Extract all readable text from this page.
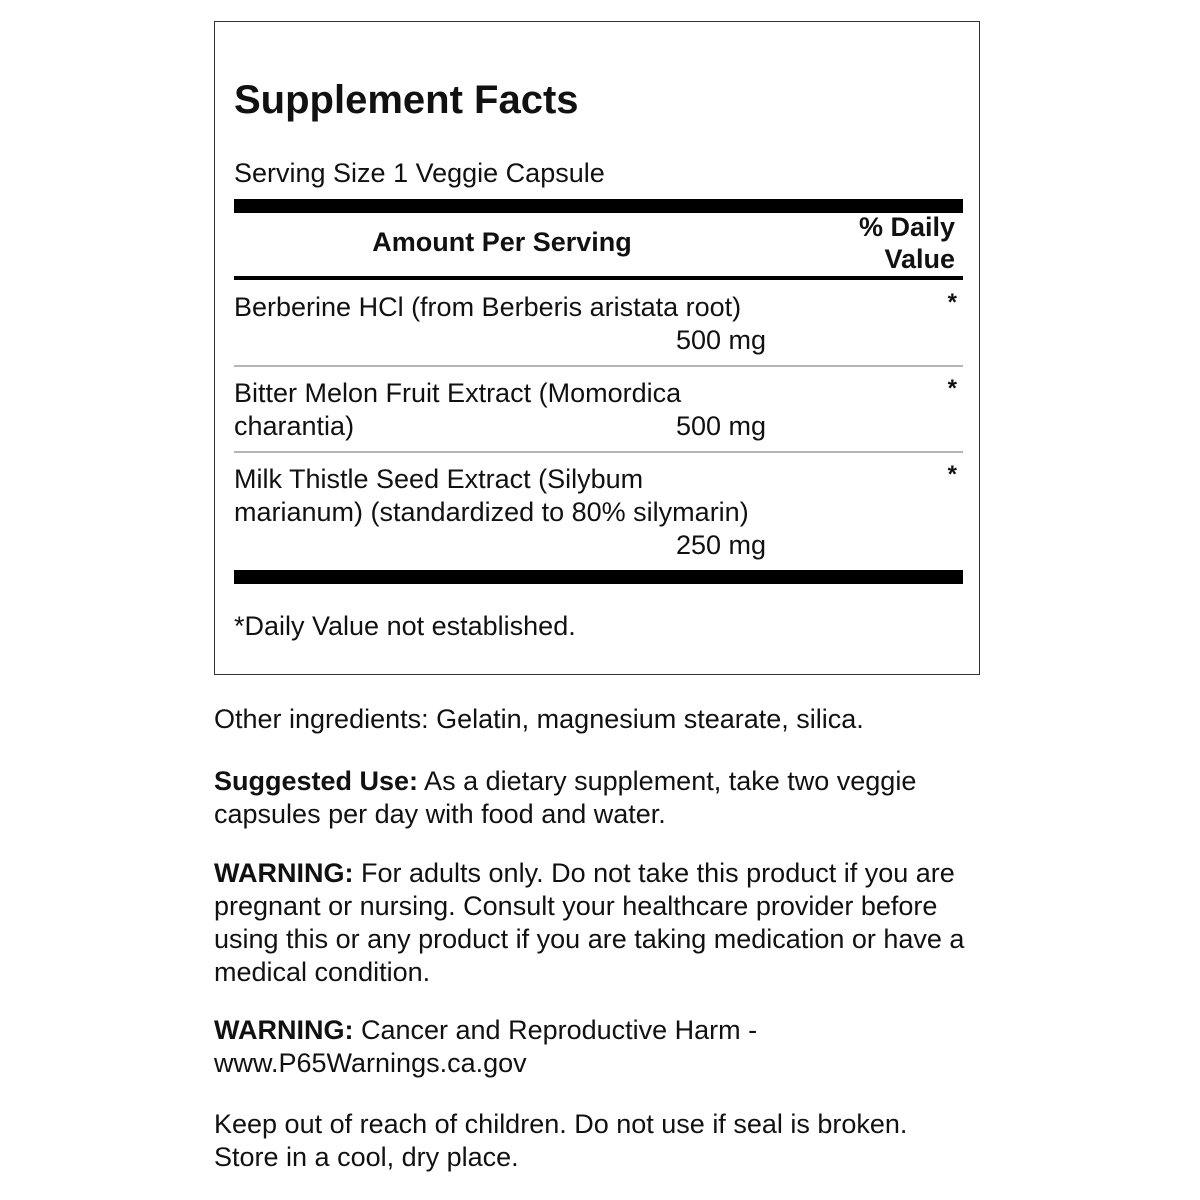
Supplement Facts
Serving Size 1 Veggie Capsule
Amount Per Serving	% Daily
Value
Berberine HCl (from Berberis aristata root)
500 mg
*
Bitter Melon Fruit Extract (Momordica charantia)	500 mg
*
Milk Thistle Seed Extract (Silybum marianum) (standardized to 80% silymarin)
250 mg
*
*Daily Value not established.
Other ingredients: Gelatin, magnesium stearate, silica.
Suggested Use: As a dietary supplement, take two veggie capsules per day with food and water.
WARNING: For adults only. Do not take this product if you are pregnant or nursing. Consult your healthcare provider before using this or any product if you are taking medication or have a medical condition.
WARNING: Cancer and Reproductive Harm - www.P65Warnings.ca.gov
Keep out of reach of children. Do not use if seal is broken. Store in a cool, dry place.
